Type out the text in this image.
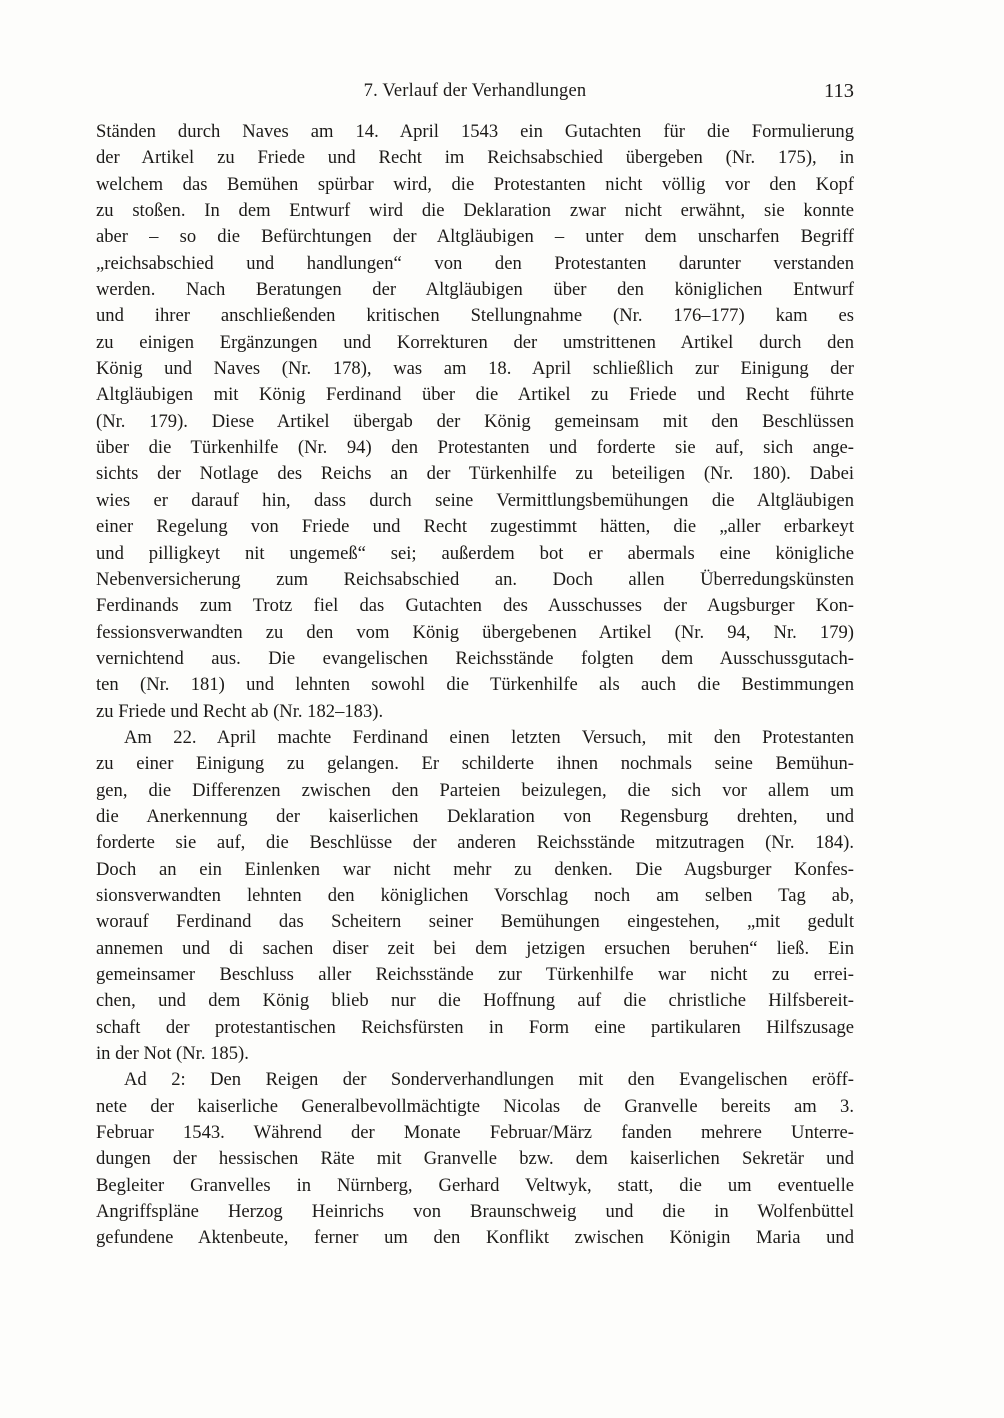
7. Verlauf der Verhandlungen	113
Ständen durch Naves am 14. April 1543 ein Gutachten für die Formulierung
der Artikel zu Friede und Recht im Reichsabschied übergeben (Nr. 175), in
welchem das Bemühen spürbar wird, die Protestanten nicht völlig vor den Kopf
zu stoßen. In dem Entwurf wird die Deklaration zwar nicht erwähnt, sie konnte
aber – so die Befürchtungen der Altgläubigen – unter dem unscharfen Begriff
„reichsabschied und handlungen“ von den Protestanten darunter verstanden
werden. Nach Beratungen der Altgläubigen über den königlichen Entwurf
und ihrer anschließenden kritischen Stellungnahme (Nr. 176–177) kam es
zu einigen Ergänzungen und Korrekturen der umstrittenen Artikel durch den
König und Naves (Nr. 178), was am 18. April schließlich zur Einigung der
Altgläubigen mit König Ferdinand über die Artikel zu Friede und Recht führte
(Nr. 179). Diese Artikel übergab der König gemeinsam mit den Beschlüssen
über die Türkenhilfe (Nr. 94) den Protestanten und forderte sie auf, sich ange-
sichts der Notlage des Reichs an der Türkenhilfe zu beteiligen (Nr. 180). Dabei
wies er darauf hin, dass durch seine Vermittlungsbemühungen die Altgläubigen
einer Regelung von Friede und Recht zugestimmt hätten, die „aller erbarkeyt
und pilligkeyt nit ungemeß“ sei; außerdem bot er abermals eine königliche
Nebenversicherung zum Reichsabschied an. Doch allen Überredungskünsten
Ferdinands zum Trotz fiel das Gutachten des Ausschusses der Augsburger Kon-
fessionsverwandten zu den vom König übergebenen Artikel (Nr. 94, Nr. 179)
vernichtend aus. Die evangelischen Reichsstände folgten dem Ausschussgutach-
ten (Nr. 181) und lehnten sowohl die Türkenhilfe als auch die Bestimmungen
zu Friede und Recht ab (Nr. 182–183).
Am 22. April machte Ferdinand einen letzten Versuch, mit den Protestanten
zu einer Einigung zu gelangen. Er schilderte ihnen nochmals seine Bemühun-
gen, die Differenzen zwischen den Parteien beizulegen, die sich vor allem um
die Anerkennung der kaiserlichen Deklaration von Regensburg drehten, und
forderte sie auf, die Beschlüsse der anderen Reichsstände mitzutragen (Nr. 184).
Doch an ein Einlenken war nicht mehr zu denken. Die Augsburger Konfes-
sionsverwandten lehnten den königlichen Vorschlag noch am selben Tag ab,
worauf Ferdinand das Scheitern seiner Bemühungen eingestehen, „mit gedult
annemen und di sachen diser zeit bei dem jetzigen ersuchen beruhen“ ließ. Ein
gemeinsamer Beschluss aller Reichsstände zur Türkenhilfe war nicht zu errei-
chen, und dem König blieb nur die Hoffnung auf die christliche Hilfsbereit-
schaft der protestantischen Reichsfürsten in Form eine partikularen Hilfszusage
in der Not (Nr. 185).
Ad 2: Den Reigen der Sonderverhandlungen mit den Evangelischen eröff-
nete der kaiserliche Generalbevollmächtigte Nicolas de Granvelle bereits am 3.
Februar 1543. Während der Monate Februar/März fanden mehrere Unterre-
dungen der hessischen Räte mit Granvelle bzw. dem kaiserlichen Sekretär und
Begleiter Granvelles in Nürnberg, Gerhard Veltwyk, statt, die um eventuelle
Angriffspläne Herzog Heinrichs von Braunschweig und die in Wolfenbüttel
gefundene Aktenbeute, ferner um den Konflikt zwischen Königin Maria und
